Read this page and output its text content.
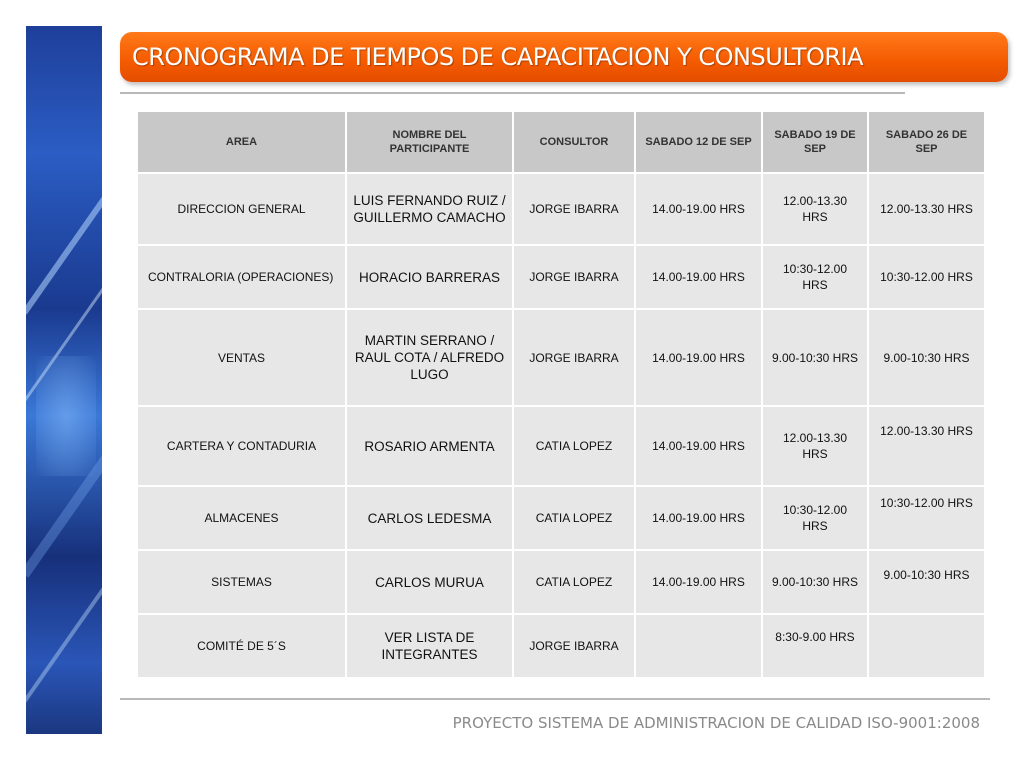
CRONOGRAMA DE TIEMPOS DE CAPACITACION Y CONSULTORIA
AREA	NOMBRE DEL PARTICIPANTE	CONSULTOR	SABADO 12 DE SEP	SABADO 19 DE SEP	SABADO 26 DE SEP
DIRECCION GENERAL	LUIS FERNANDO RUIZ / GUILLERMO CAMACHO	JORGE IBARRA	14.00-19.00 HRS	12.00-13.30 HRS	12.00-13.30 HRS
CONTRALORIA (OPERACIONES)	HORACIO BARRERAS	JORGE IBARRA	14.00-19.00 HRS	10:30-12.00 HRS	10:30-12.00 HRS
VENTAS	MARTIN SERRANO / RAUL COTA / ALFREDO LUGO	JORGE IBARRA	14.00-19.00 HRS	9.00-10:30 HRS	9.00-10:30 HRS
CARTERA Y CONTADURIA	ROSARIO ARMENTA	CATIA LOPEZ	14.00-19.00 HRS	12.00-13.30 HRS	12.00-13.30 HRS
ALMACENES	CARLOS LEDESMA	CATIA LOPEZ	14.00-19.00 HRS	10:30-12.00 HRS	10:30-12.00 HRS
SISTEMAS	CARLOS MURUA	CATIA LOPEZ	14.00-19.00 HRS	9.00-10:30 HRS	9.00-10:30 HRS
COMITÉ DE 5´S	VER LISTA DE INTEGRANTES	JORGE IBARRA		8:30-9.00 HRS	
PROYECTO SISTEMA DE ADMINISTRACION DE CALIDAD ISO-9001:2008
